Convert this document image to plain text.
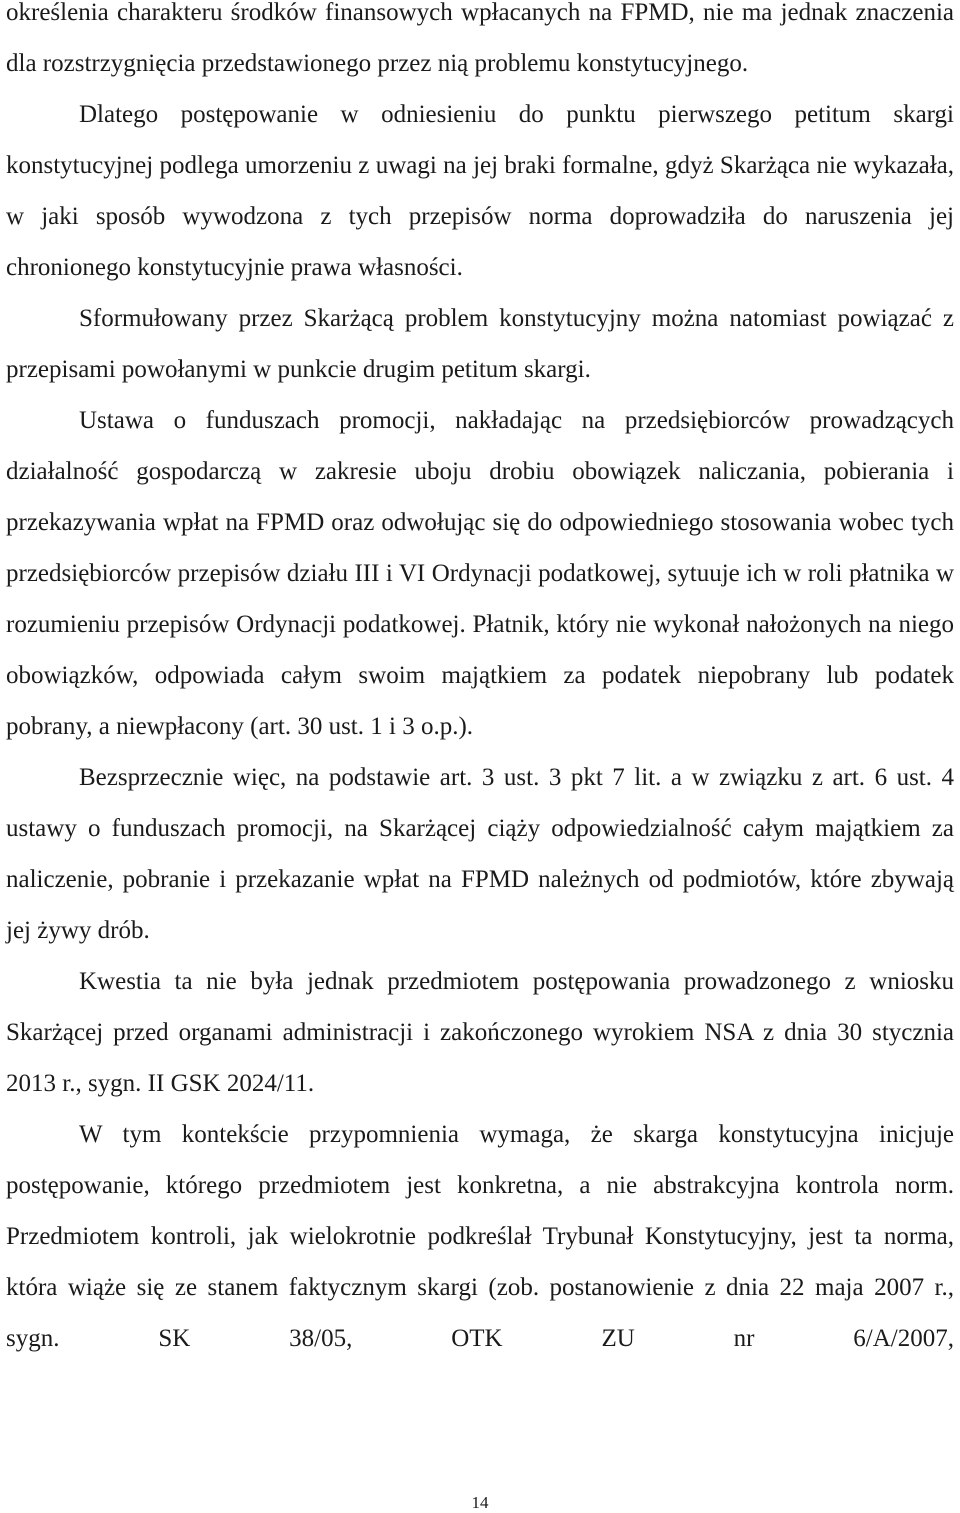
określenia charakteru środków finansowych wpłacanych na FPMD, nie ma jednak znaczenia dla rozstrzygnięcia przedstawionego przez nią problemu konstytucyjnego.

Dlatego postępowanie w odniesieniu do punktu pierwszego petitum skargi konstytucyjnej podlega umorzeniu z uwagi na jej braki formalne, gdyż Skarżąca nie wykazała, w jaki sposób wywodzona z tych przepisów norma doprowadziła do naruszenia jej chronionego konstytucyjnie prawa własności.

Sformułowany przez Skarżącą problem konstytucyjny można natomiast powiązać z przepisami powołanymi w punkcie drugim petitum skargi.

Ustawa o funduszach promocji, nakładając na przedsiębiorców prowadzących działalność gospodarczą w zakresie uboju drobiu obowiązek naliczania, pobierania i przekazywania wpłat na FPMD oraz odwołując się do odpowiedniego stosowania wobec tych przedsiębiorców przepisów działu III i VI Ordynacji podatkowej, sytuuje ich w roli płatnika w rozumieniu przepisów Ordynacji podatkowej. Płatnik, który nie wykonał nałożonych na niego obowiązków, odpowiada całym swoim majątkiem za podatek niepobrany lub podatek pobrany, a niewpłacony (art. 30 ust. 1 i 3 o.p.).

Bezsprzecznie więc, na podstawie art. 3 ust. 3 pkt 7 lit. a w związku z art. 6 ust. 4 ustawy o funduszach promocji, na Skarżącej ciąży odpowiedzialność całym majątkiem za naliczenie, pobranie i przekazanie wpłat na FPMD należnych od podmiotów, które zbywają jej żywy drób.

Kwestia ta nie była jednak przedmiotem postępowania prowadzonego z wniosku Skarżącej przed organami administracji i zakończonego wyrokiem NSA z dnia 30 stycznia 2013 r., sygn. II GSK 2024/11.

W tym kontekście przypomnienia wymaga, że skarga konstytucyjna inicjuje postępowanie, którego przedmiotem jest konkretna, a nie abstrakcyjna kontrola norm. Przedmiotem kontroli, jak wielokrotnie podkreślał Trybunał Konstytucyjny, jest ta norma, która wiąże się ze stanem faktycznym skargi (zob. postanowienie z dnia 22 maja 2007 r., sygn. SK 38/05, OTK ZU nr 6/A/2007,

14
